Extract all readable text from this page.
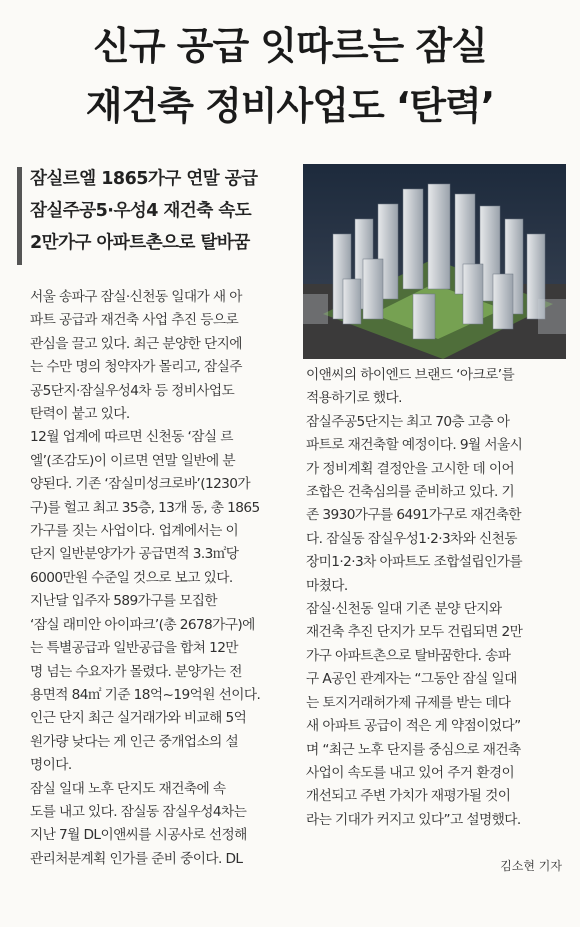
신규 공급 잇따르는 잠실
재건축 정비사업도 ‘탄력’
잠실르엘 1865가구 연말 공급
잠실주공5·우성4 재건축 속도
2만가구 아파트촌으로 탈바꿈
서울 송파구 잠실·신천동 일대가 새 아
파트 공급과 재건축 사업 추진 등으로
관심을 끌고 있다. 최근 분양한 단지에
는 수만 명의 청약자가 몰리고, 잠실주
공5단지·잠실우성4차 등 정비사업도
탄력이 붙고 있다.
12월 업계에 따르면 신천동 ‘잠실 르
엘’(조감도)이 이르면 연말 일반에 분
양된다. 기존 ‘잠실미성크로바’(1230가
구)를 헐고 최고 35층, 13개 동, 총 1865
가구를 짓는 사업이다. 업계에서는 이
단지 일반분양가가 공급면적 3.3㎡당
6000만원 수준일 것으로 보고 있다.
지난달 입주자 589가구를 모집한
‘잠실 래미안 아이파크’(총 2678가구)에
는 특별공급과 일반공급을 합쳐 12만
명 넘는 수요자가 몰렸다. 분양가는 전
용면적 84㎡ 기준 18억~19억원 선이다.
인근 단지 최근 실거래가와 비교해 5억
원가량 낮다는 게 인근 중개업소의 설
명이다.
잠실 일대 노후 단지도 재건축에 속
도를 내고 있다. 잠실동 잠실우성4차는
지난 7월 DL이앤씨를 시공사로 선정해
관리처분계획 인가를 준비 중이다. DL
이앤씨의 하이엔드 브랜드 ‘아크로’를
적용하기로 했다.
잠실주공5단지는 최고 70층 고층 아
파트로 재건축할 예정이다. 9월 서울시
가 정비계획 결정안을 고시한 데 이어
조합은 건축심의를 준비하고 있다. 기
존 3930가구를 6491가구로 재건축한
다. 잠실동 잠실우성1·2·3차와 신천동
장미1·2·3차 아파트도 조합설립인가를
마쳤다.
잠실·신천동 일대 기존 분양 단지와
재건축 추진 단지가 모두 건립되면 2만
가구 아파트촌으로 탈바꿈한다. 송파
구 A공인 관계자는 “그동안 잠실 일대
는 토지거래허가제 규제를 받는 데다
새 아파트 공급이 적은 게 약점이었다”
며 “최근 노후 단지를 중심으로 재건축
사업이 속도를 내고 있어 주거 환경이
개선되고 주변 가치가 재평가될 것이
라는 기대가 커지고 있다”고 설명했다.
김소현 기자
